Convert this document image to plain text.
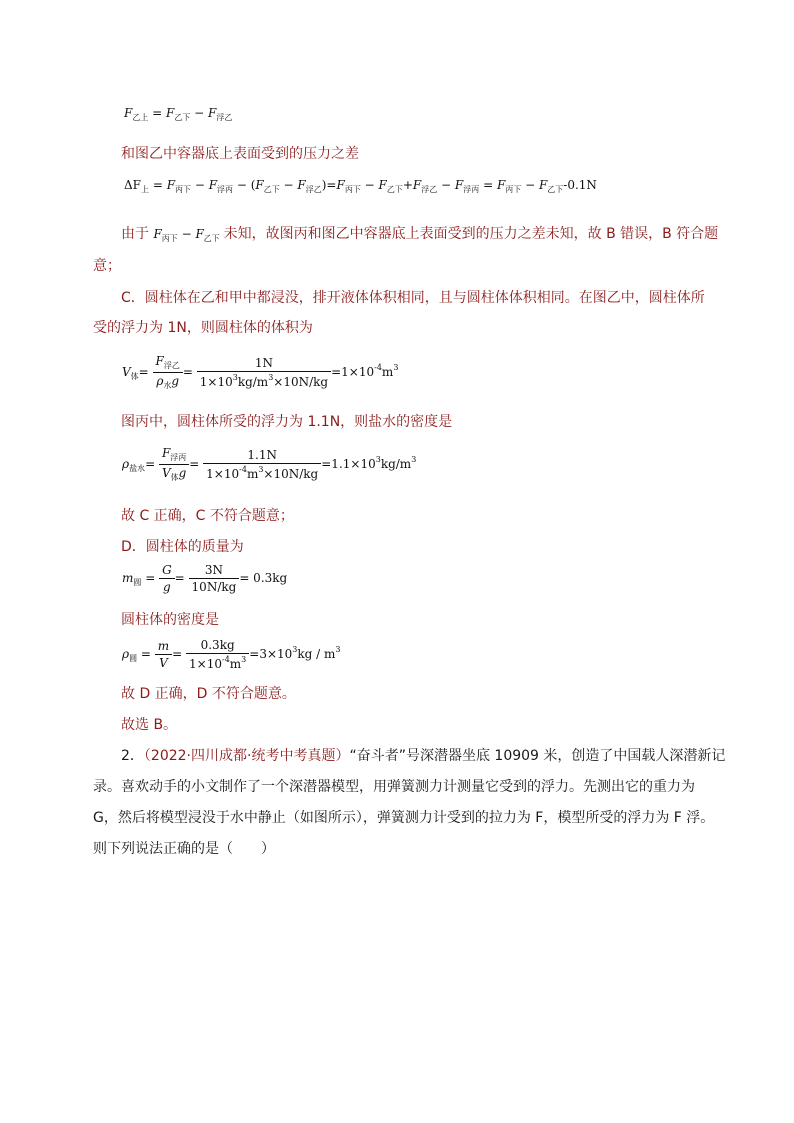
$F_{乙上} = F_{乙下} - F_{浮乙}$
和图乙中容器底上表面受到的压力之差
$\Delta F_上 = F_{丙下} - F_{浮丙} - (F_{乙下} - F_{浮乙})=F_{丙下} - F_{乙下}+F_{浮乙} - F_{浮丙} = F_{丙下} - F_{乙下}-0.1N$
由于 $F_{丙下} - F_{乙下}$ 未知，故图丙和图乙中容器底上表面受到的压力之差未知，故 B 错误，B 符合题
意；
C．圆柱体在乙和甲中都浸没，排开液体体积相同，且与圆柱体体积相同。在图乙中，圆柱体所
受的浮力为 1N，则圆柱体的体积为
$V_体= \frac{F_{浮乙}}{\rho_水g} = \frac{1N}{1\times 10^3kg/m^3\times 10N/kg} =1\times 10^{-4}m^3$
图丙中，圆柱体所受的浮力为 1.1N，则盐水的密度是
$\rho_{盐水}= \frac{F_{浮丙}}{V_体g} = \frac{1.1N}{1\times 10^{-4}m^3\times 10N/kg} =1.1\times 10^3kg/m^3$
故 C 正确，C 不符合题意；
D．圆柱体的质量为
$m_圆 = \frac{G}{g} = \frac{3N}{10N/kg} = 0.3kg$
圆柱体的密度是
$\rho_圆 = \frac{m}{V} = \frac{0.3kg}{1\times 10^{-4}m^3} =3\times 10^3kg / m^3$
故 D 正确，D 不符合题意。
故选 B。
2．（2022·四川成都·统考中考真题）“奋斗者”号深潜器坐底 10909 米，创造了中国载人深潜新记
录。喜欢动手的小文制作了一个深潜器模型，用弹簧测力计测量它受到的浮力。先测出它的重力为
G，然后将模型浸没于水中静止（如图所示），弹簧测力计受到的拉力为 F，模型所受的浮力为 F 浮。
则下列说法正确的是（　　）
